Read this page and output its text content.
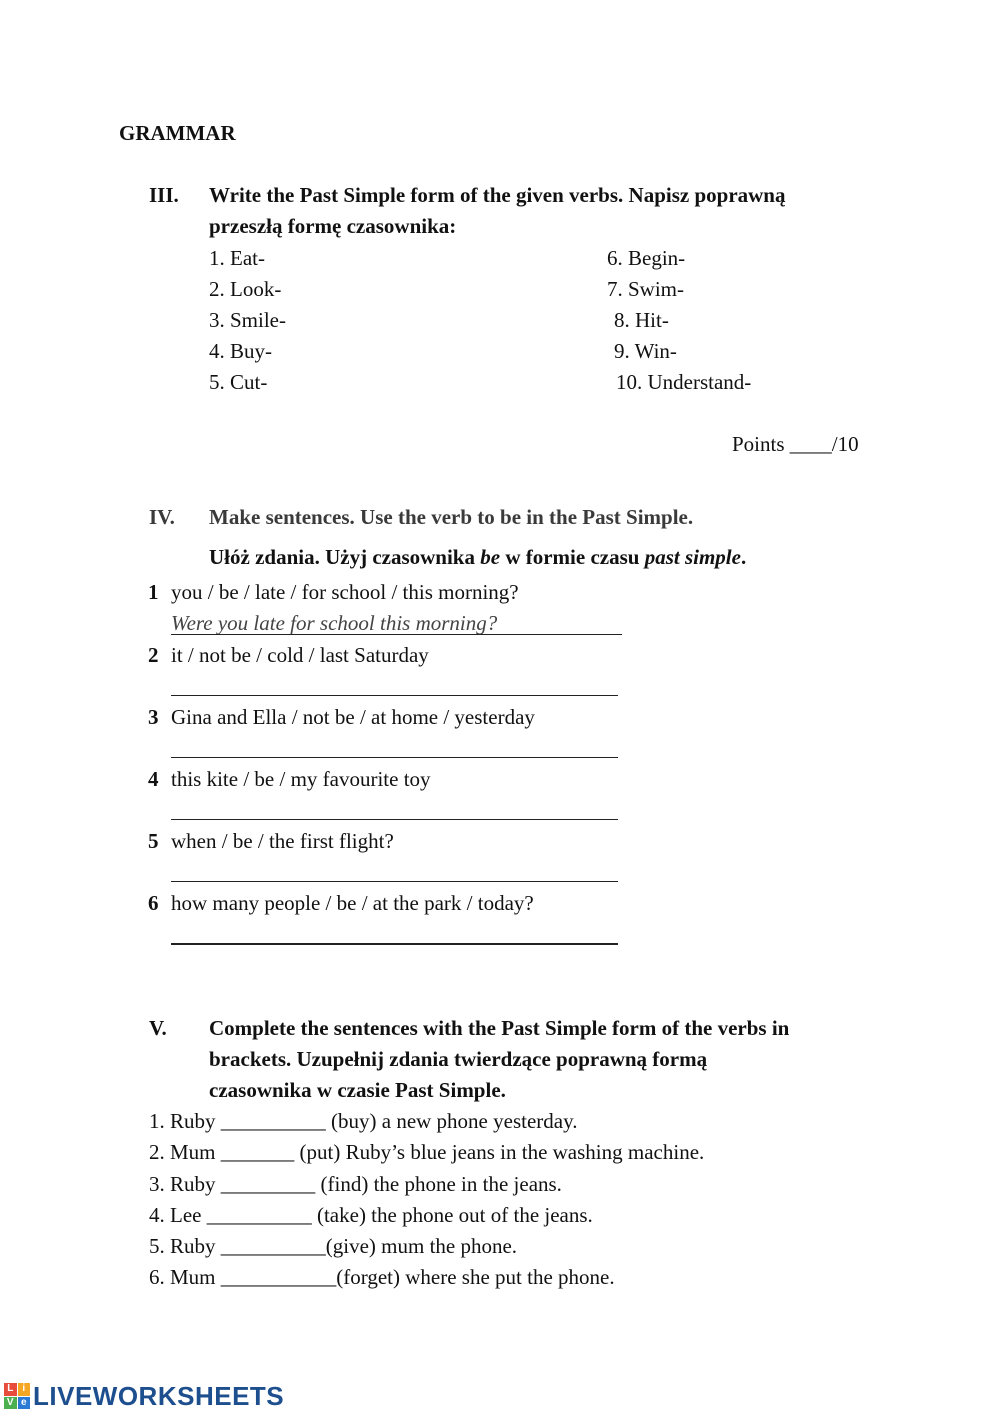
GRAMMAR
III. Write the Past Simple form of the given verbs. Napisz poprawną
przeszłą formę czasownika:
1. Eat-
2. Look-
3. Smile-
4. Buy-
5. Cut-
6. Begin-
7. Swim-
8. Hit-
9. Win-
10. Understand-
Points ____/10
IV. Make sentences. Use the verb to be in the Past Simple.
Ułóż zdania. Użyj czasownika be w formie czasu past simple.
1 you / be / late / for school / this morning?
Were you late for school this morning?
2 it / not be / cold / last Saturday
3 Gina and Ella / not be / at home / yesterday
4 this kite / be / my favourite toy
5 when / be / the first flight?
6 how many people / be / at the park / today?
V. Complete the sentences with the Past Simple form of the verbs in
brackets. Uzupełnij zdania twierdzące poprawną formą
czasownika w czasie Past Simple.
1. Ruby __________ (buy) a new phone yesterday.
2. Mum _______ (put) Ruby’s blue jeans in the washing machine.
3. Ruby _________ (find) the phone in the jeans.
4. Lee __________ (take) the phone out of the jeans.
5. Ruby __________(give) mum the phone.
6. Mum ___________(forget) where she put the phone.
L i
V e LIVEWORKSHEETS
